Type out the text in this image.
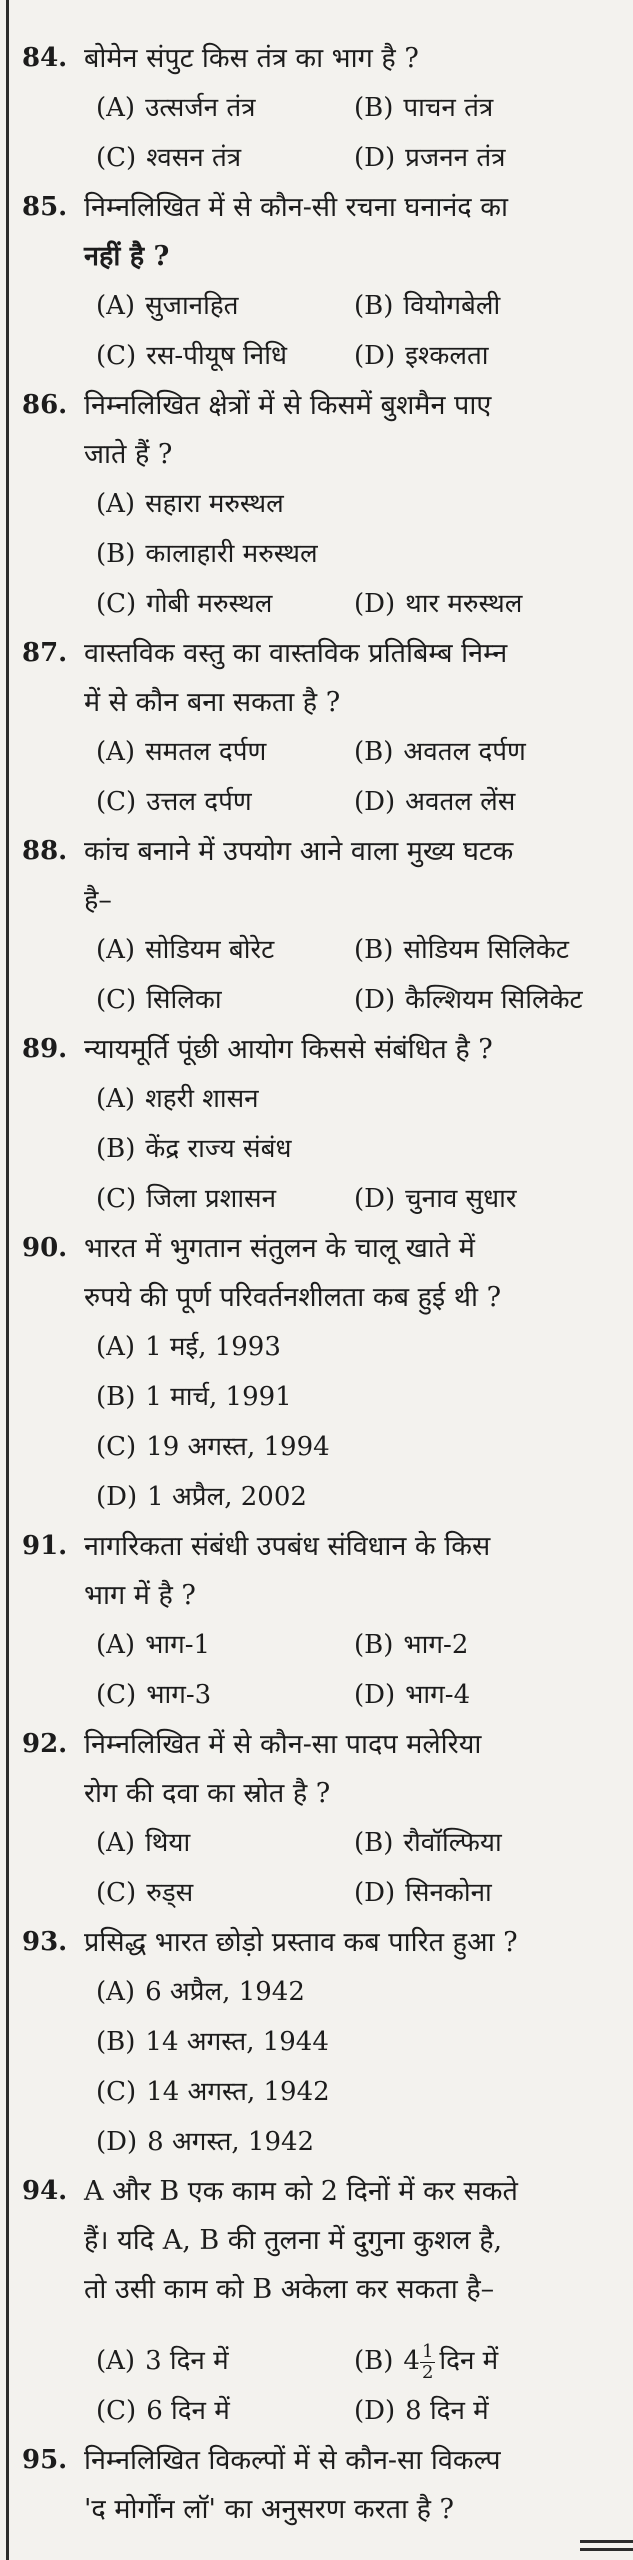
84. बोमेन संपुट किस तंत्र का भाग है ?
(A) उत्सर्जन तंत्र	(B) पाचन तंत्र
(C) श्वसन तंत्र	(D) प्रजनन तंत्र
85. निम्नलिखित में से कौन-सी रचना घनानंद का
नहीं है ?
(A) सुजानहित	(B) वियोगबेली
(C) रस-पीयूष निधि	(D) इश्कलता
86. निम्नलिखित क्षेत्रों में से किसमें बुशमैन पाए
जाते हैं ?
(A) सहारा मरुस्थल
(B) कालाहारी मरुस्थल
(C) गोबी मरुस्थल	(D) थार मरुस्थल
87. वास्तविक वस्तु का वास्तविक प्रतिबिम्ब निम्न
में से कौन बना सकता है ?
(A) समतल दर्पण	(B) अवतल दर्पण
(C) उत्तल दर्पण	(D) अवतल लेंस
88. कांच बनाने में उपयोग आने वाला मुख्य घटक
है–
(A) सोडियम बोरेट	(B) सोडियम सिलिकेट
(C) सिलिका	(D) कैल्शियम सिलिकेट
89. न्यायमूर्ति पूंछी आयोग किससे संबंधित है ?
(A) शहरी शासन
(B) केंद्र राज्य संबंध
(C) जिला प्रशासन	(D) चुनाव सुधार
90. भारत में भुगतान संतुलन के चालू खाते में
रुपये की पूर्ण परिवर्तनशीलता कब हुई थी ?
(A) 1 मई, 1993
(B) 1 मार्च, 1991
(C) 19 अगस्त, 1994
(D) 1 अप्रैल, 2002
91. नागरिकता संबंधी उपबंध संविधान के किस
भाग में है ?
(A) भाग-1	(B) भाग-2
(C) भाग-3	(D) भाग-4
92. निम्नलिखित में से कौन-सा पादप मलेरिया
रोग की दवा का स्रोत है ?
(A) थिया	(B) रौवॉल्फिया
(C) रुड्स	(D) सिनकोना
93. प्रसिद्ध भारत छोड़ो प्रस्ताव कब पारित हुआ ?
(A) 6 अप्रैल, 1942
(B) 14 अगस्त, 1944
(C) 14 अगस्त, 1942
(D) 8 अगस्त, 1942
94. A और B एक काम को 2 दिनों में कर सकते
हैं। यदि A, B की तुलना में दुगुना कुशल है,
तो उसी काम को B अकेला कर सकता है–
(A) 3 दिन में	(B) $4 \frac{1}{2}$ दिन में
(C) 6 दिन में	(D) 8 दिन में
95. निम्नलिखित विकल्पों में से कौन-सा विकल्प
'द मोर्गोंन लॉ' का अनुसरण करता है ?
